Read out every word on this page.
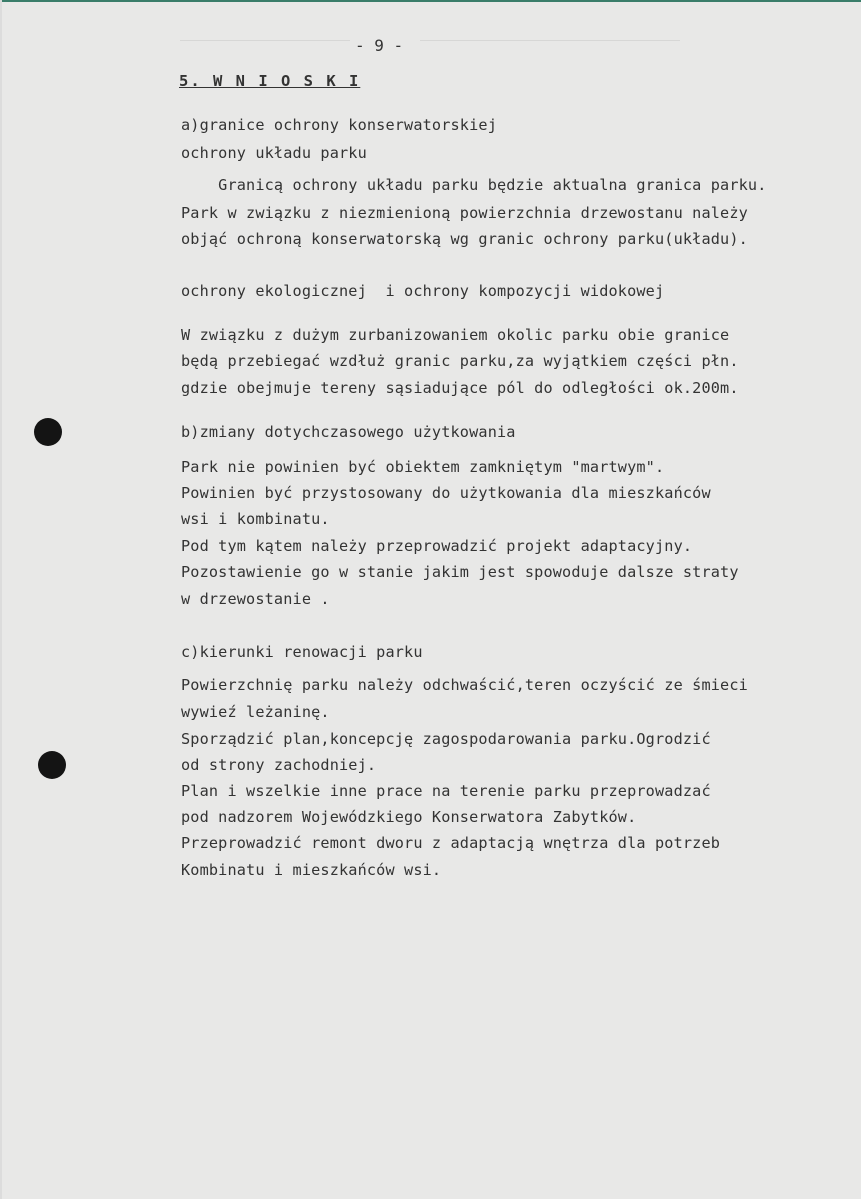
- 9 -
5. W N I O S K I
a)granice ochrony konserwatorskiej
ochrony układu parku
Granicą ochrony układu parku będzie aktualna granica parku.
Park w związku z niezmienioną powierzchnia drzewostanu należy
objąć ochroną konserwatorską wg granic ochrony parku(układu).
ochrony ekologicznej  i ochrony kompozycji widokowej
W związku z dużym zurbanizowaniem okolic parku obie granice
będą przebiegać wzdłuż granic parku,za wyjątkiem części płn.
gdzie obejmuje tereny sąsiadujące pól do odległości ok.200m.
b)zmiany dotychczasowego użytkowania
Park nie powinien być obiektem zamkniętym "martwym".
Powinien być przystosowany do użytkowania dla mieszkańców
wsi i kombinatu.
Pod tym kątem należy przeprowadzić projekt adaptacyjny.
Pozostawienie go w stanie jakim jest spowoduje dalsze straty
w drzewostanie .
c)kierunki renowacji parku
Powierzchnię parku należy odchwaścić,teren oczyścić ze śmieci
wywieź leżaninę.
Sporządzić plan,koncepcję zagospodarowania parku.Ogrodzić
od strony zachodniej.
Plan i wszelkie inne prace na terenie parku przeprowadzać
pod nadzorem Wojewódzkiego Konserwatora Zabytków.
Przeprowadzić remont dworu z adaptacją wnętrza dla potrzeb
Kombinatu i mieszkańców wsi.
